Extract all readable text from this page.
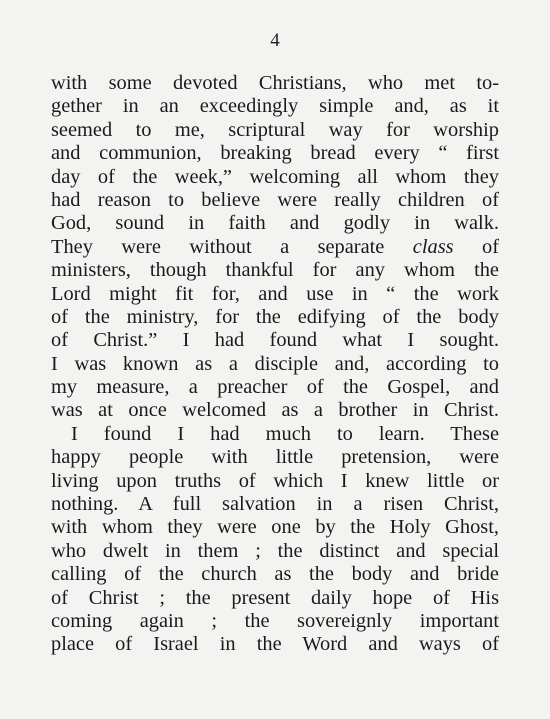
4
with some devoted Christians, who met to-
gether in an exceedingly simple and, as it
seemed to me, scriptural way for worship
and communion, breaking bread every “ first
day of the week,” welcoming all whom they
had reason to believe were really children of
God, sound in faith and godly in walk.
They were without a separate class of
ministers, though thankful for any whom the
Lord might fit for, and use in “ the work
of the ministry, for the edifying of the body
of Christ.” I had found what I sought.
I was known as a disciple and, according to
my measure, a preacher of the Gospel, and
was at once welcomed as a brother in Christ.
I found I had much to learn. These
happy people with little pretension, were
living upon truths of which I knew little or
nothing. A full salvation in a risen Christ,
with whom they were one by the Holy Ghost,
who dwelt in them ; the distinct and special
calling of the church as the body and bride
of Christ ; the present daily hope of His
coming again ; the sovereignly important
place of Israel in the Word and ways of
